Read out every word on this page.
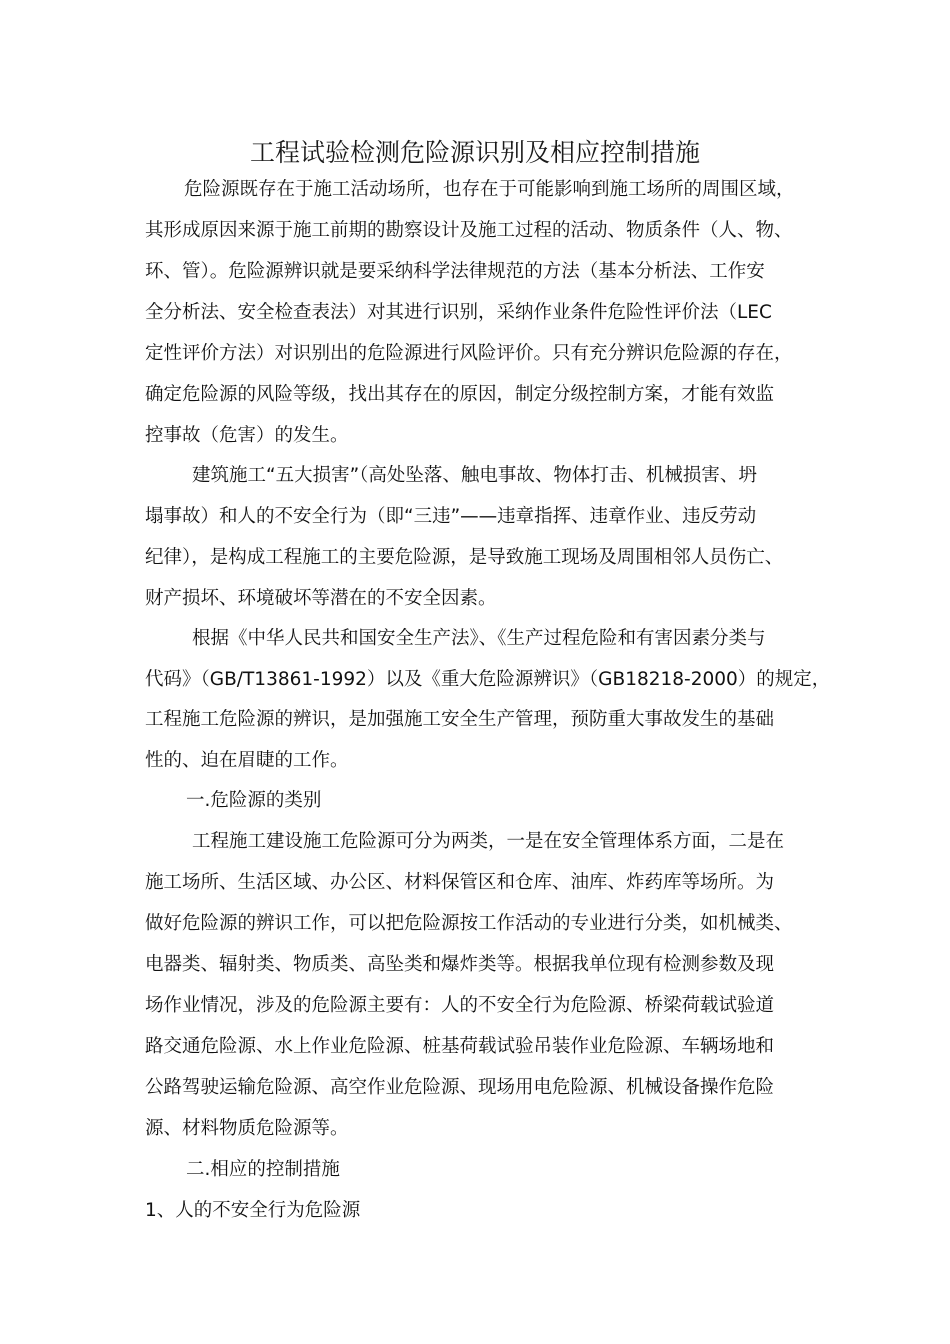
工程试验检测危险源识别及相应控制措施
危险源既存在于施工活动场所，也存在于可能影响到施工场所的周围区域，
其形成原因来源于施工前期的勘察设计及施工过程的活动、物质条件（人、物、
环、管）。危险源辨识就是要采纳科学法律规范的方法（基本分析法、工作安
全分析法、安全检查表法）对其进行识别，采纳作业条件危险性评价法（LEC
定性评价方法）对识别出的危险源进行风险评价。只有充分辨识危险源的存在，
确定危险源的风险等级，找出其存在的原因，制定分级控制方案，才能有效监
控事故（危害）的发生。
建筑施工“五大损害”（高处坠落、触电事故、物体打击、机械损害、坍
塌事故）和人的不安全行为（即“三违”——违章指挥、违章作业、违反劳动
纪律），是构成工程施工的主要危险源，是导致施工现场及周围相邻人员伤亡、
财产损坏、环境破坏等潜在的不安全因素。
根据《中华人民共和国安全生产法》、《生产过程危险和有害因素分类与
代码》（GB/T13861-1992）以及《重大危险源辨识》（GB18218-2000）的规定，
工程施工危险源的辨识，是加强施工安全生产管理，预防重大事故发生的基础
性的、迫在眉睫的工作。
一.危险源的类别
工程施工建设施工危险源可分为两类，一是在安全管理体系方面，二是在
施工场所、生活区域、办公区、材料保管区和仓库、油库、炸药库等场所。为
做好危险源的辨识工作，可以把危险源按工作活动的专业进行分类，如机械类、
电器类、辐射类、物质类、高坠类和爆炸类等。根据我单位现有检测参数及现
场作业情况，涉及的危险源主要有：人的不安全行为危险源、桥梁荷载试验道
路交通危险源、水上作业危险源、桩基荷载试验吊装作业危险源、车辆场地和
公路驾驶运输危险源、高空作业危险源、现场用电危险源、机械设备操作危险
源、材料物质危险源等。
二.相应的控制措施
1、人的不安全行为危险源
